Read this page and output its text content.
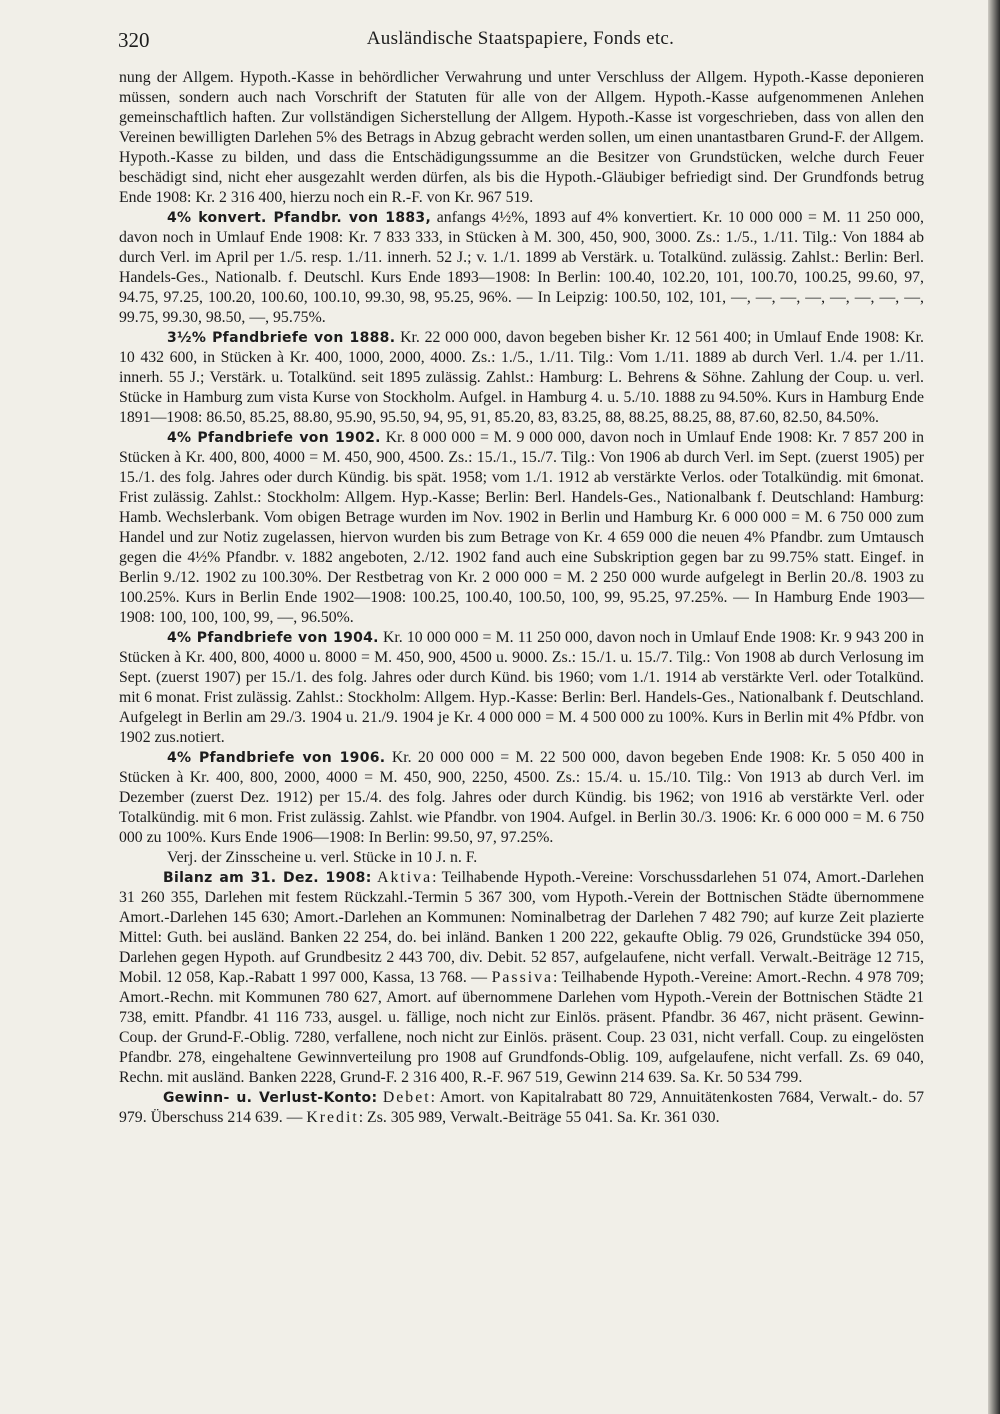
320	Ausländische Staatspapiere, Fonds etc.

nung der Allgem. Hypoth.-Kasse in behördlicher Verwahrung und unter Verschluss der Allgem. Hypoth.-Kasse deponieren müssen, sondern auch nach Vorschrift der Statuten für alle von der Allgem. Hypoth.-Kasse aufgenommenen Anlehen gemeinschaftlich haften. Zur vollständigen Sicherstellung der Allgem. Hypoth.-Kasse ist vorgeschrieben, dass von allen den Vereinen bewilligten Darlehen 5% des Betrags in Abzug gebracht werden sollen, um einen unantastbaren Grund-F. der Allgem. Hypoth.-Kasse zu bilden, und dass die Entschädigungssumme an die Besitzer von Grundstücken, welche durch Feuer beschädigt sind, nicht eher ausgezahlt werden dürfen, als bis die Hypoth.-Gläubiger befriedigt sind. Der Grundfonds betrug Ende 1908: Kr. 2 316 400, hierzu noch ein R.-F. von Kr. 967 519.

4% konvert. Pfandbr. von 1883, anfangs 4½%, 1893 auf 4% konvertiert. Kr. 10 000 000 = M. 11 250 000, davon noch in Umlauf Ende 1908: Kr. 7 833 333, in Stücken à M. 300, 450, 900, 3000. Zs.: 1./5., 1./11. Tilg.: Von 1884 ab durch Verl. im April per 1./5. resp. 1./11. innerh. 52 J.; v. 1./1. 1899 ab Verstärk. u. Totalkünd. zulässig. Zahlst.: Berlin: Berl. Handels-Ges., Nationalb. f. Deutschl. Kurs Ende 1893—1908: In Berlin: 100.40, 102.20, 101, 100.70, 100.25, 99.60, 97, 94.75, 97.25, 100.20, 100.60, 100.10, 99.30, 98, 95.25, 96%. — In Leipzig: 100.50, 102, 101, —, —, —, —, —, —, —, —, 99.75, 99.30, 98.50, —, 95.75%.

3½% Pfandbriefe von 1888. Kr. 22 000 000, davon begeben bisher Kr. 12 561 400; in Umlauf Ende 1908: Kr. 10 432 600, in Stücken à Kr. 400, 1000, 2000, 4000. Zs.: 1./5., 1./11. Tilg.: Vom 1./11. 1889 ab durch Verl. 1./4. per 1./11. innerh. 55 J.; Verstärk. u. Totalkünd. seit 1895 zulässig. Zahlst.: Hamburg: L. Behrens & Söhne. Zahlung der Coup. u. verl. Stücke in Hamburg zum vista Kurse von Stockholm. Aufgel. in Hamburg 4. u. 5./10. 1888 zu 94.50%. Kurs in Hamburg Ende 1891—1908: 86.50, 85.25, 88.80, 95.90, 95.50, 94, 95, 91, 85.20, 83, 83.25, 88, 88.25, 88.25, 88, 87.60, 82.50, 84.50%.

4% Pfandbriefe von 1902. Kr. 8 000 000 = M. 9 000 000, davon noch in Umlauf Ende 1908: Kr. 7 857 200 in Stücken à Kr. 400, 800, 4000 = M. 450, 900, 4500. Zs.: 15./1., 15./7. Tilg.: Von 1906 ab durch Verl. im Sept. (zuerst 1905) per 15./1. des folg. Jahres oder durch Kündig. bis spät. 1958; vom 1./1. 1912 ab verstärkte Verlos. oder Totalkündig. mit 6monat. Frist zulässig. Zahlst.: Stockholm: Allgem. Hyp.-Kasse; Berlin: Berl. Handels-Ges., Nationalbank f. Deutschland: Hamburg: Hamb. Wechslerbank. Vom obigen Betrage wurden im Nov. 1902 in Berlin und Hamburg Kr. 6 000 000 = M. 6 750 000 zum Handel und zur Notiz zugelassen, hiervon wurden bis zum Betrage von Kr. 4 659 000 die neuen 4% Pfandbr. zum Umtausch gegen die 4½% Pfandbr. v. 1882 angeboten, 2./12. 1902 fand auch eine Subskription gegen bar zu 99.75% statt. Eingef. in Berlin 9./12. 1902 zu 100.30%. Der Restbetrag von Kr. 2 000 000 = M. 2 250 000 wurde aufgelegt in Berlin 20./8. 1903 zu 100.25%. Kurs in Berlin Ende 1902—1908: 100.25, 100.40, 100.50, 100, 99, 95.25, 97.25%. — In Hamburg Ende 1903—1908: 100, 100, 100, 99, —, 96.50%.

4% Pfandbriefe von 1904. Kr. 10 000 000 = M. 11 250 000, davon noch in Umlauf Ende 1908: Kr. 9 943 200 in Stücken à Kr. 400, 800, 4000 u. 8000 = M. 450, 900, 4500 u. 9000. Zs.: 15./1. u. 15./7. Tilg.: Von 1908 ab durch Verlosung im Sept. (zuerst 1907) per 15./1. des folg. Jahres oder durch Künd. bis 1960; vom 1./1. 1914 ab verstärkte Verl. oder Totalkünd. mit 6 monat. Frist zulässig. Zahlst.: Stockholm: Allgem. Hyp.-Kasse: Berlin: Berl. Handels-Ges., Nationalbank f. Deutschland. Aufgelegt in Berlin am 29./3. 1904 u. 21./9. 1904 je Kr. 4 000 000 = M. 4 500 000 zu 100%. Kurs in Berlin mit 4% Pfdbr. von 1902 zus.notiert.

4% Pfandbriefe von 1906. Kr. 20 000 000 = M. 22 500 000, davon begeben Ende 1908: Kr. 5 050 400 in Stücken à Kr. 400, 800, 2000, 4000 = M. 450, 900, 2250, 4500. Zs.: 15./4. u. 15./10. Tilg.: Von 1913 ab durch Verl. im Dezember (zuerst Dez. 1912) per 15./4. des folg. Jahres oder durch Kündig. bis 1962; von 1916 ab verstärkte Verl. oder Totalkündig. mit 6 mon. Frist zulässig. Zahlst. wie Pfandbr. von 1904. Aufgel. in Berlin 30./3. 1906: Kr. 6 000 000 = M. 6 750 000 zu 100%. Kurs Ende 1906—1908: In Berlin: 99.50, 97, 97.25%.

Verj. der Zinsscheine u. verl. Stücke in 10 J. n. F.

Bilanz am 31. Dez. 1908: Aktiva: Teilhabende Hypoth.-Vereine: Vorschussdarlehen 51 074, Amort.-Darlehen 31 260 355, Darlehen mit festem Rückzahl.-Termin 5 367 300, vom Hypoth.-Verein der Bottnischen Städte übernommene Amort.-Darlehen 145 630; Amort.-Darlehen an Kommunen: Nominalbetrag der Darlehen 7 482 790; auf kurze Zeit plazierte Mittel: Guth. bei ausländ. Banken 22 254, do. bei inländ. Banken 1 200 222, gekaufte Oblig. 79 026, Grundstücke 394 050, Darlehen gegen Hypoth. auf Grundbesitz 2 443 700, div. Debit. 52 857, aufgelaufene, nicht verfall. Verwalt.-Beiträge 12 715, Mobil. 12 058, Kap.-Rabatt 1 997 000, Kassa, 13 768. — Passiva: Teilhabende Hypoth.-Vereine: Amort.-Rechn. 4 978 709; Amort.-Rechn. mit Kommunen 780 627, Amort. auf übernommene Darlehen vom Hypoth.-Verein der Bottnischen Städte 21 738, emitt. Pfandbr. 41 116 733, ausgel. u. fällige, noch nicht zur Einlös. präsent. Pfandbr. 36 467, nicht präsent. Gewinn-Coup. der Grund-F.-Oblig. 7280, verfallene, noch nicht zur Einlös. präsent. Coup. 23 031, nicht verfall. Coup. zu eingelösten Pfandbr. 278, eingehaltene Gewinnverteilung pro 1908 auf Grundfonds-Oblig. 109, aufgelaufene, nicht verfall. Zs. 69 040, Rechn. mit ausländ. Banken 2228, Grund-F. 2 316 400, R.-F. 967 519, Gewinn 214 639. Sa. Kr. 50 534 799.

Gewinn- u. Verlust-Konto: Debet: Amort. von Kapitalrabatt 80 729, Annuitätenkosten 7684, Verwalt.- do. 57 979. Überschuss 214 639. — Kredit: Zs. 305 989, Verwalt.-Beiträge 55 041. Sa. Kr. 361 030.
